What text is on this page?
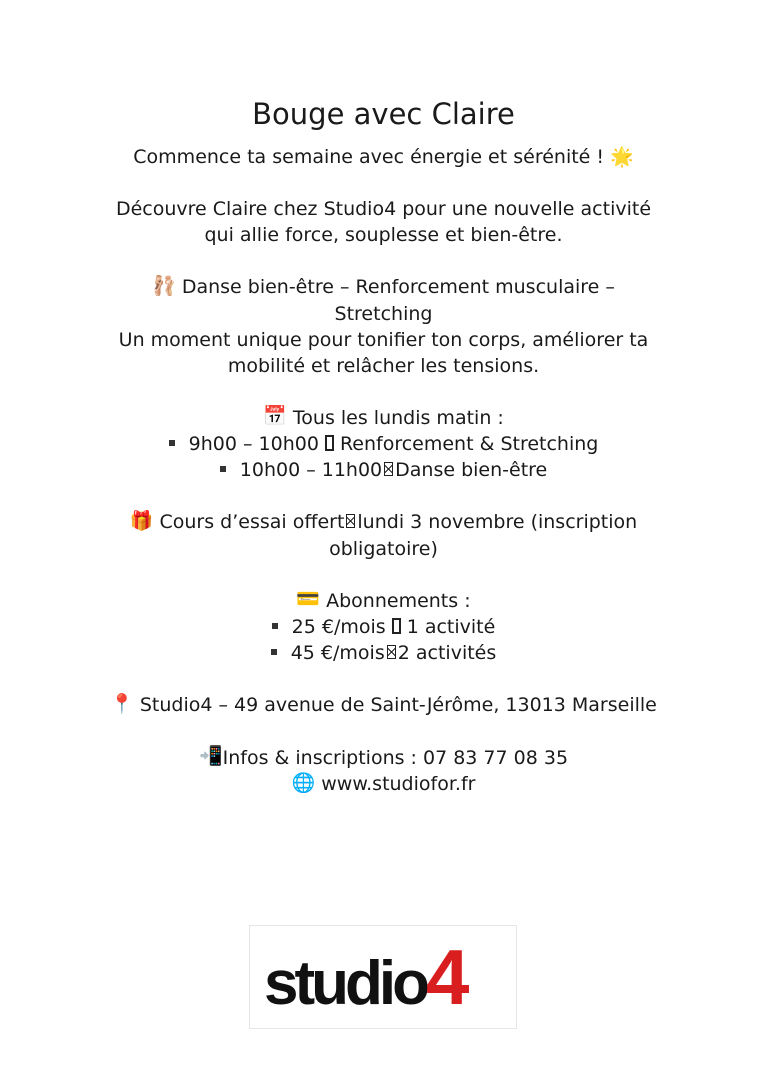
Bouge avec Claire

Commence ta semaine avec énergie et sérénité ! 🌟

Découvre Claire chez Studio4 pour une nouvelle activité

qui allie force, souplesse et bien-être.

🩰 Danse bien-être – Renforcement musculaire –

Stretching

Un moment unique pour tonifier ton corps, améliorer ta

mobilité et relâcher les tensions.

📅 Tous les lundis matin :

9h00 – 10h00 Renforcement & Stretching
10h00 – 11h00 Danse bien-être

🎁 Cours d’essai offert lundi 3 novembre (inscription

obligatoire)

💳 Abonnements :

25 €/mois 1 activité
45 €/mois 2 activités

📍 Studio4 – 49 avenue de Saint-Jérôme, 13013 Marseille

📲Infos & inscriptions : 07 83 77 08 35

🌐 www.studiofor.fr

studio4 for
